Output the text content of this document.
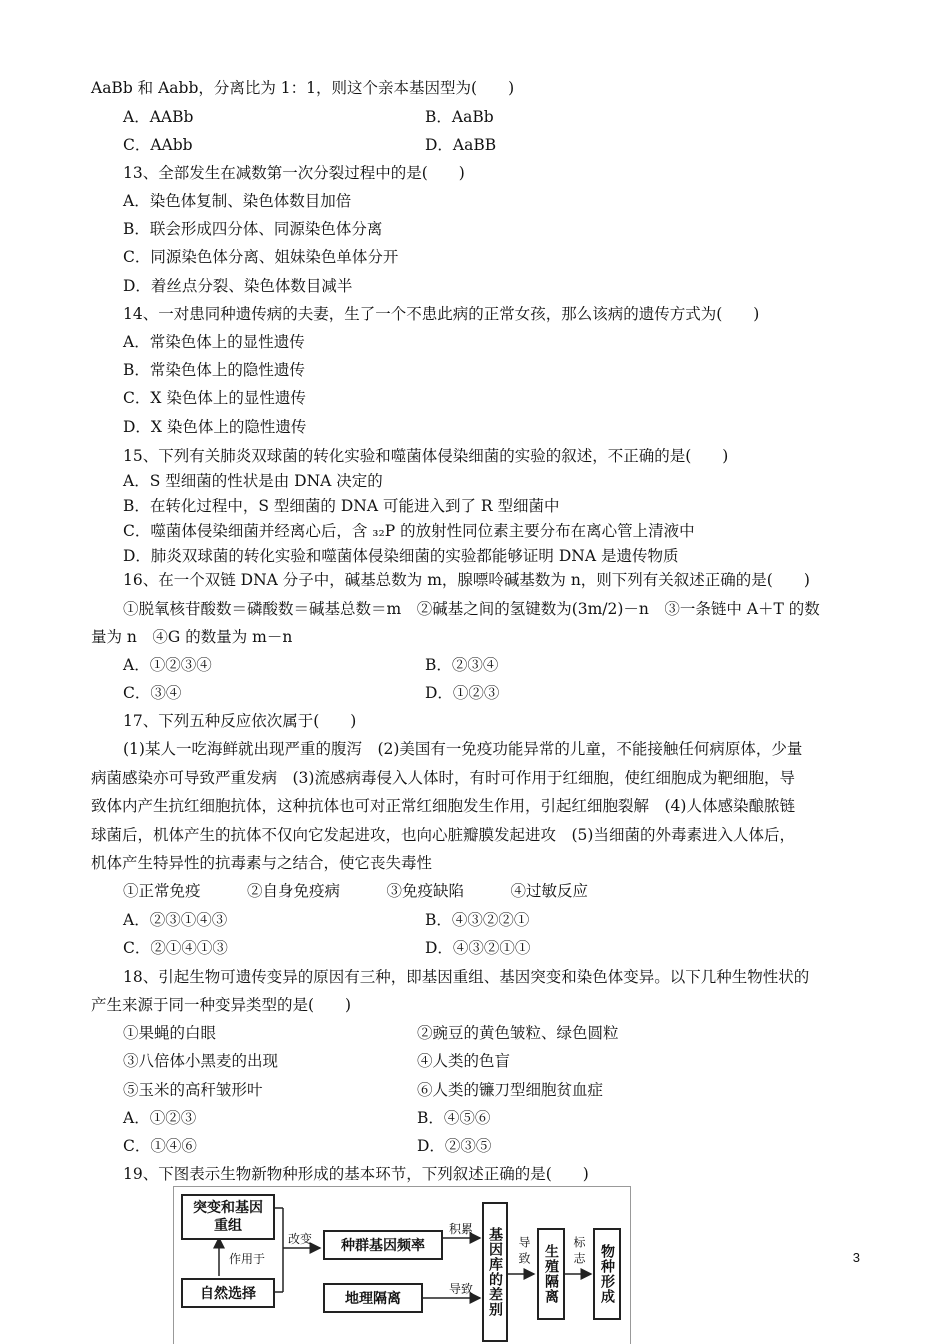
AaBb 和 Aabb，分离比为 1：1，则这个亲本基因型为(　　)
A．AABb	B．AaBb
C．AAbb	D．AaBB
13、全部发生在减数第一次分裂过程中的是(　　)
A．染色体复制、染色体数目加倍
B．联会形成四分体、同源染色体分离
C．同源染色体分离、姐妹染色单体分开
D．着丝点分裂、染色体数目减半
14、一对患同种遗传病的夫妻，生了一个不患此病的正常女孩，那么该病的遗传方式为(　　)
A．常染色体上的显性遗传
B．常染色体上的隐性遗传
C．X 染色体上的显性遗传
D．X 染色体上的隐性遗传
15、下列有关肺炎双球菌的转化实验和噬菌体侵染细菌的实验的叙述，不正确的是(　　)
A．S 型细菌的性状是由 DNA 决定的
B．在转化过程中，S 型细菌的 DNA 可能进入到了 R 型细菌中
C．噬菌体侵染细菌并经离心后，含 ₃₂P 的放射性同位素主要分布在离心管上清液中
D．肺炎双球菌的转化实验和噬菌体侵染细菌的实验都能够证明 DNA 是遗传物质
16、在一个双链 DNA 分子中，碱基总数为 m，腺嘌呤碱基数为 n，则下列有关叙述正确的是(　　)
①脱氧核苷酸数＝磷酸数＝碱基总数＝m　②碱基之间的氢键数为(3m/2)－n　③一条链中 A＋T 的数
量为 n　④G 的数量为 m－n
A．①②③④	B．②③④
C．③④	D．①②③
17、下列五种反应依次属于(　　)
(1)某人一吃海鲜就出现严重的腹泻　(2)美国有一免疫功能异常的儿童，不能接触任何病原体，少量
病菌感染亦可导致严重发病　(3)流感病毒侵入人体时，有时可作用于红细胞，使红细胞成为靶细胞，导
致体内产生抗红细胞抗体，这种抗体也可对正常红细胞发生作用，引起红细胞裂解　(4)人体感染酿脓链
球菌后，机体产生的抗体不仅向它发起进攻，也向心脏瓣膜发起进攻　(5)当细菌的外毒素进入人体后，
机体产生特异性的抗毒素与之结合，使它丧失毒性
①正常免疫　　　②自身免疫病　　　③免疫缺陷　　　④过敏反应
A．②③①④③	B．④③②②①
C．②①④①③	D．④③②①①
18、引起生物可遗传变异的原因有三种，即基因重组、基因突变和染色体变异。以下几种生物性状的
产生来源于同一种变异类型的是(　　)
①果蝇的白眼	②豌豆的黄色皱粒、绿色圆粒
③八倍体小黑麦的出现	④人类的色盲
⑤玉米的高秆皱形叶	⑥人类的镰刀型细胞贫血症
A．①②③	B．④⑤⑥
C．①④⑥	D．②③⑤
19、下图表示生物新物种形成的基本环节，下列叙述正确的是(　　)
突变和基因重组
自然选择
种群基因频率
地理隔离	基因库的差别	生殖隔离	物种形成
作用于
改变
积累
导致
导致	标志	3
